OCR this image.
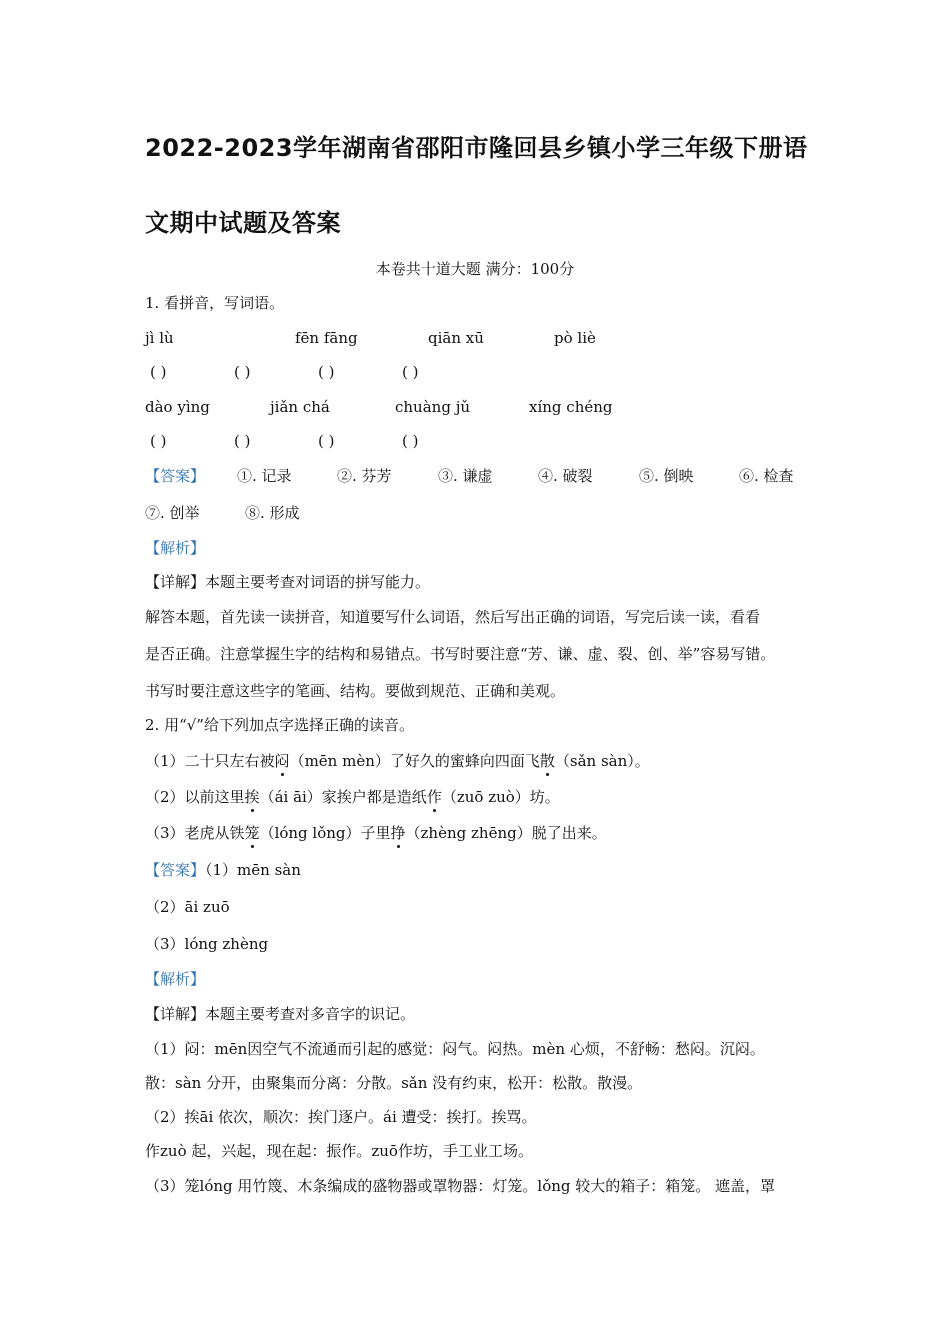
2022-2023学年湖南省邵阳市隆回县乡镇小学三年级下册语
文期中试题及答案
本卷共十道大题 满分：100分
1. 看拼音，写词语。
jì lù	fēn fāng	qiān xū	pò liè
( )	( )	( )	( )
dào yìng	jiǎn chá	chuàng jǔ	xíng chéng
( )	( )	( )	( )
【答案】 ①. 记录	②. 芬芳	③. 谦虚	④. 破裂	⑤. 倒映	⑥. 检查
⑦. 创举	⑧. 形成
【解析】
【详解】本题主要考查对词语的拼写能力。
解答本题，首先读一读拼音，知道要写什么词语，然后写出正确的词语，写完后读一读，看看
是否正确。注意掌握生字的结构和易错点。书写时要注意“芳、谦、虚、裂、创、举”容易写错。
书写时要注意这些字的笔画、结构。要做到规范、正确和美观。
2. 用“√”给下列加点字选择正确的读音。
（1）二十只左右被闷（mēn mèn）了好久的蜜蜂向四面飞散（sǎn sàn）。
（2）以前这里挨（ái āi）家挨户都是造纸作（zuō zuò）坊。
（3）老虎从铁笼（lóng lǒng）子里挣（zhèng zhēng）脱了出来。
【答案】（1）mēn sàn
（2）āi zuō
（3）lóng zhèng
【解析】
【详解】本题主要考查对多音字的识记。
（1）闷：mēn因空气不流通而引起的感觉：闷气。闷热。mèn 心烦，不舒畅：愁闷。沉闷。
散：sàn 分开，由聚集而分离：分散。sǎn 没有约束，松开：松散。散漫。
（2）挨āi 依次，顺次：挨门逐户。ái 遭受：挨打。挨骂。
作zuò 起，兴起，现在起：振作。zuō作坊，手工业工场。
（3）笼lóng 用竹篾、木条编成的盛物器或罩物器：灯笼。lǒng 较大的箱子：箱笼。 遮盖，罩
